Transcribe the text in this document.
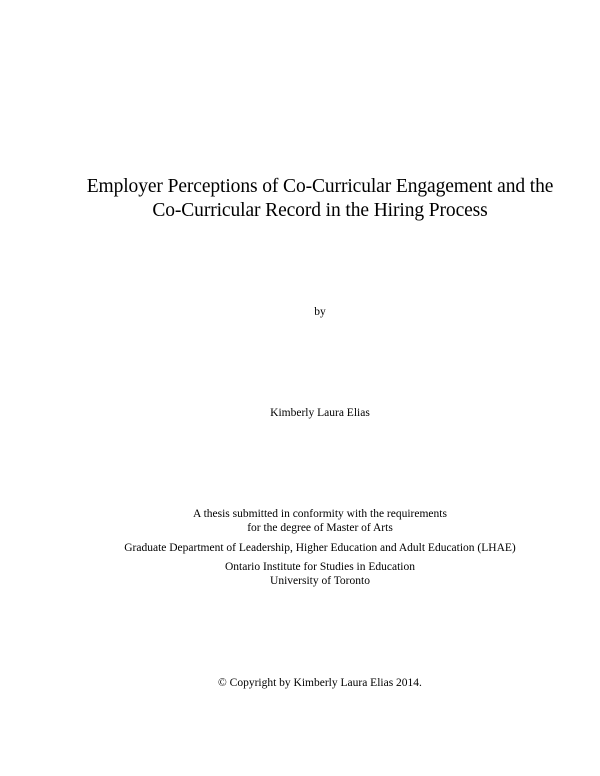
Employer Perceptions of Co-Curricular Engagement and the
Co-Curricular Record in the Hiring Process
by
Kimberly Laura Elias
A thesis submitted in conformity with the requirements
for the degree of Master of Arts
Graduate Department of Leadership, Higher Education and Adult Education (LHAE)
Ontario Institute for Studies in Education
University of Toronto
© Copyright by Kimberly Laura Elias 2014.
